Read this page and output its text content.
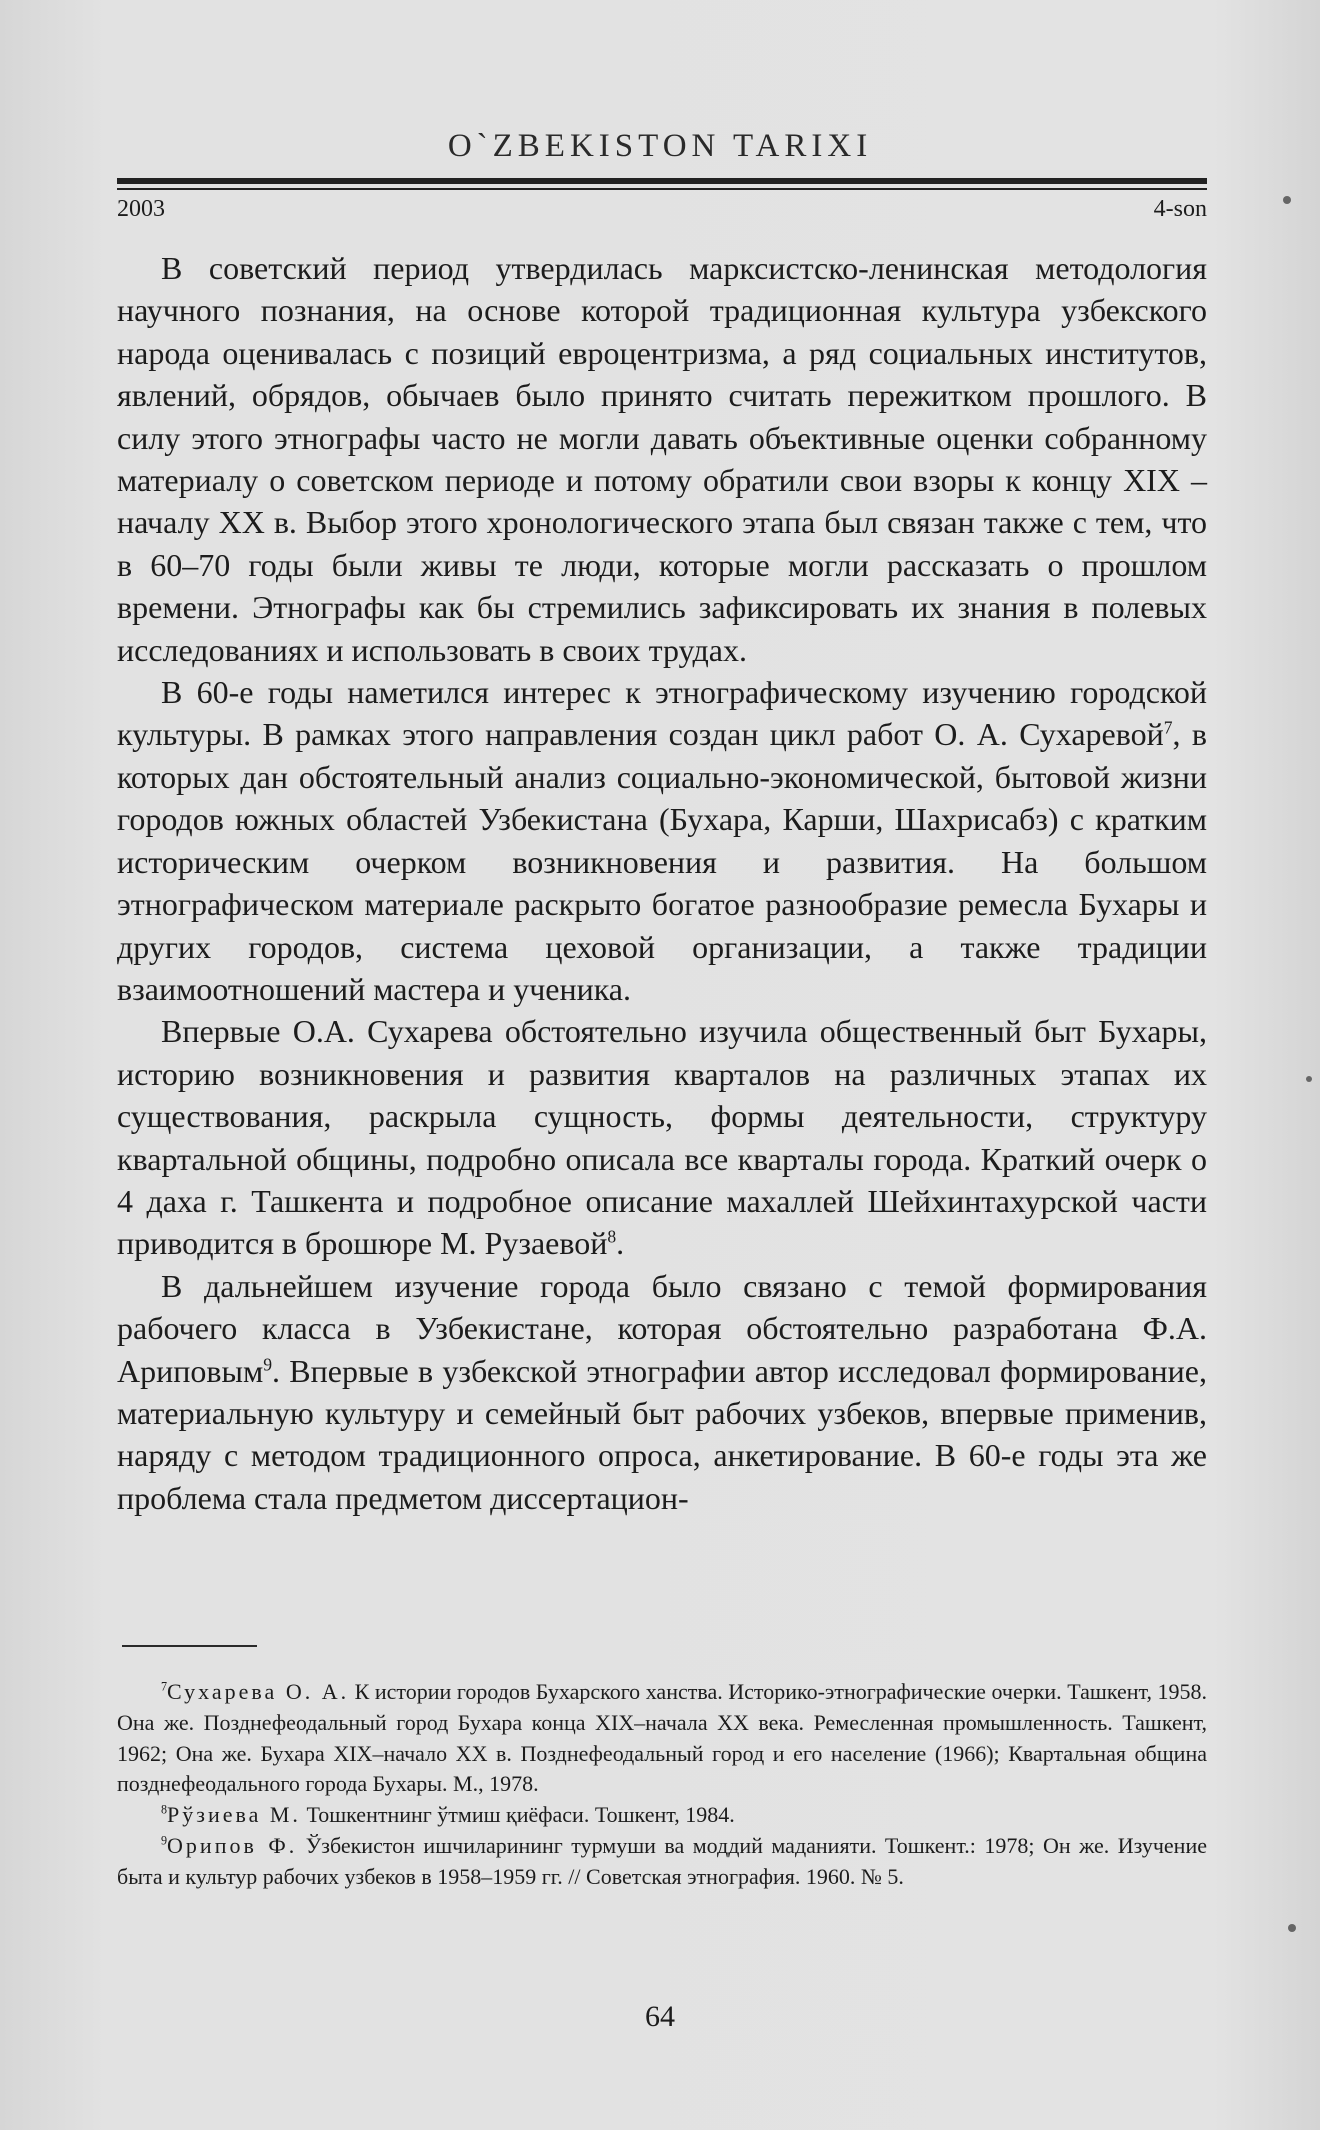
O`ZBEKISTON TARIXI
2003	4-son

В советский период утвердилась марксистско-ленинская методология научного познания, на основе которой традиционная культура узбекского народа оценивалась с позиций евроцентризма, а ряд социальных институтов, явлений, обрядов, обычаев было принято считать пережитком прошлого. В силу этого этнографы часто не могли давать объективные оценки собранному материалу о советском периоде и потому обратили свои взоры к концу XIX – началу XX в. Выбор этого хронологического этапа был связан также с тем, что в 60–70 годы были живы те люди, которые могли рассказать о прошлом времени. Этнографы как бы стремились зафиксировать их знания в полевых исследованиях и использовать в своих трудах.

В 60-е годы наметился интерес к этнографическому изучению городской культуры. В рамках этого направления создан цикл работ О. А. Сухаревой$^7$, в которых дан обстоятельный анализ социально-экономической, бытовой жизни городов южных областей Узбекистана (Бухара, Карши, Шахрисабз) с кратким историческим очерком возникновения и развития. На большом этнографическом материале раскрыто богатое разнообразие ремесла Бухары и других городов, система цеховой организации, а также традиции взаимоотношений мастера и ученика.

Впервые О.А. Сухарева обстоятельно изучила общественный быт Бухары, историю возникновения и развития кварталов на различных этапах их существования, раскрыла сущность, формы деятельности, структуру квартальной общины, подробно описала все кварталы города. Краткий очерк о 4 даха г. Ташкента и подробное описание махаллей Шейхинтахурской части приводится в брошюре М. Рузаевой$^8$.

В дальнейшем изучение города было связано с темой формирования рабочего класса в Узбекистане, которая обстоятельно разработана Ф.А. Ариповым$^9$. Впервые в узбекской этнографии автор исследовал формирование, материальную культуру и семейный быт рабочих узбеков, впервые применив, наряду с методом традиционного опроса, анкетирование. В 60-е годы эта же проблема стала предметом диссертацион-

$^7$Сухарева О. А. К истории городов Бухарского ханства. Историко-этнографические очерки. Ташкент, 1958. Она же. Позднефеодальный город Бухара конца XIX–начала XX века. Ремесленная промышленность. Ташкент, 1962; Она же. Бухара XIX–начало XX в. Позднефеодальный город и его население (1966); Квартальная община позднефеодального города Бухары. М., 1978.

$^8$Рўзиева М. Тошкентнинг ўтмиш қиёфаси. Тошкент, 1984.

$^9$Орипов Ф. Ўзбекистон ишчиларининг турмуши ва моддий маданияти. Тошкент.: 1978; Он же. Изучение быта и культур рабочих узбеков в 1958–1959 гг. // Советская этнография. 1960. № 5.

64
